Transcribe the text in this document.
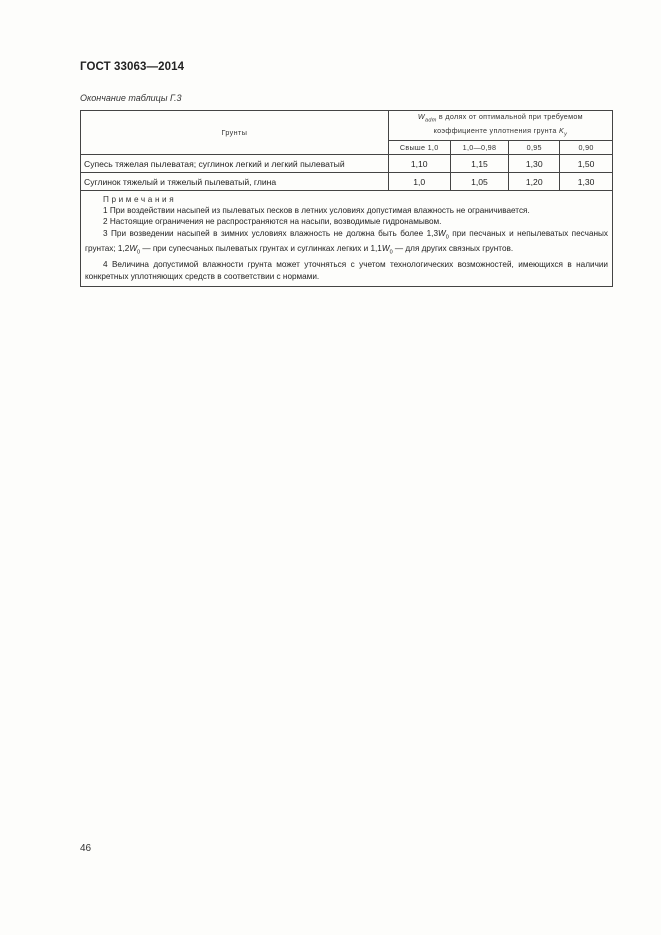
ГОСТ 33063—2014
Окончание таблицы Г.3
Грунты	$W_{adm}$ в долях от оптимальной при требуемом
коэффициенте уплотнения грунта $K_у$
	Свыше 1,0	1,0—0,98	0,95	0,90
Супесь тяжелая пылеватая; суглинок легкий и легкий пылеватый	1,10	1,15	1,30	1,50
Суглинок тяжелый и тяжелый пылеватый, глина	1,0	1,05	1,20	1,30

Примечания

1 При воздействии насыпей из пылеватых песков в летних условиях допустимая влажность не ограничивается.

2 Настоящие ограничения не распространяются на насыпи, возводимые гидронамывом.

3 При возведении насыпей в зимних условиях влажность не должна быть более $1,3W_0$ при песчаных и непылеватых песчаных грунтах; $1,2W_0$ — при супесчаных пылеватых грунтах и суглинках легких и $1,1W_0$ — для других связных грунтов.

4 Величина допустимой влажности грунта может уточняться с учетом технологических возможностей, имеющихся в наличии конкретных уплотняющих средств в соответствии с нормами.				

46
